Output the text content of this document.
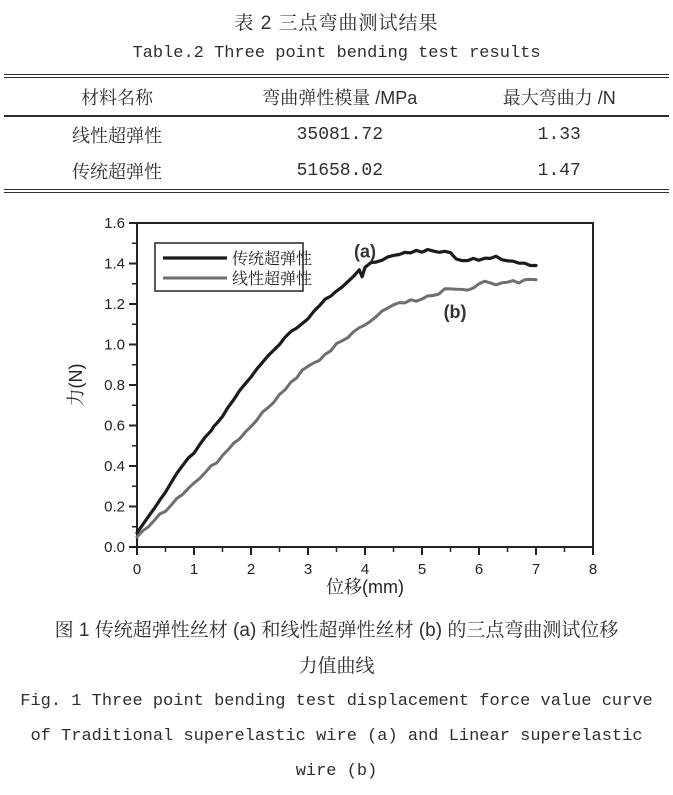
表 2 三点弯曲测试结果
Table.2 Three point bending test results
材料名称	弯曲弹性模量 /MPa	最大弯曲力 /N
线性超弹性	35081.72	1.33
传统超弹性	51658.02	1.47
0	1	2	3	4	5	6	7	8
0.0
0.2
0.4
0.6
0.8
1.0
1.2
1.4
1.6
传统超弹性
线性超弹性
(a)
(b)
位移(mm)
力(N)
图 1 传统超弹性丝材 (a) 和线性超弹性丝材 (b) 的三点弯曲测试位移
力值曲线
Fig. 1 Three point bending test displacement force value curve
of Traditional superelastic wire (a) and Linear superelastic
wire (b)
